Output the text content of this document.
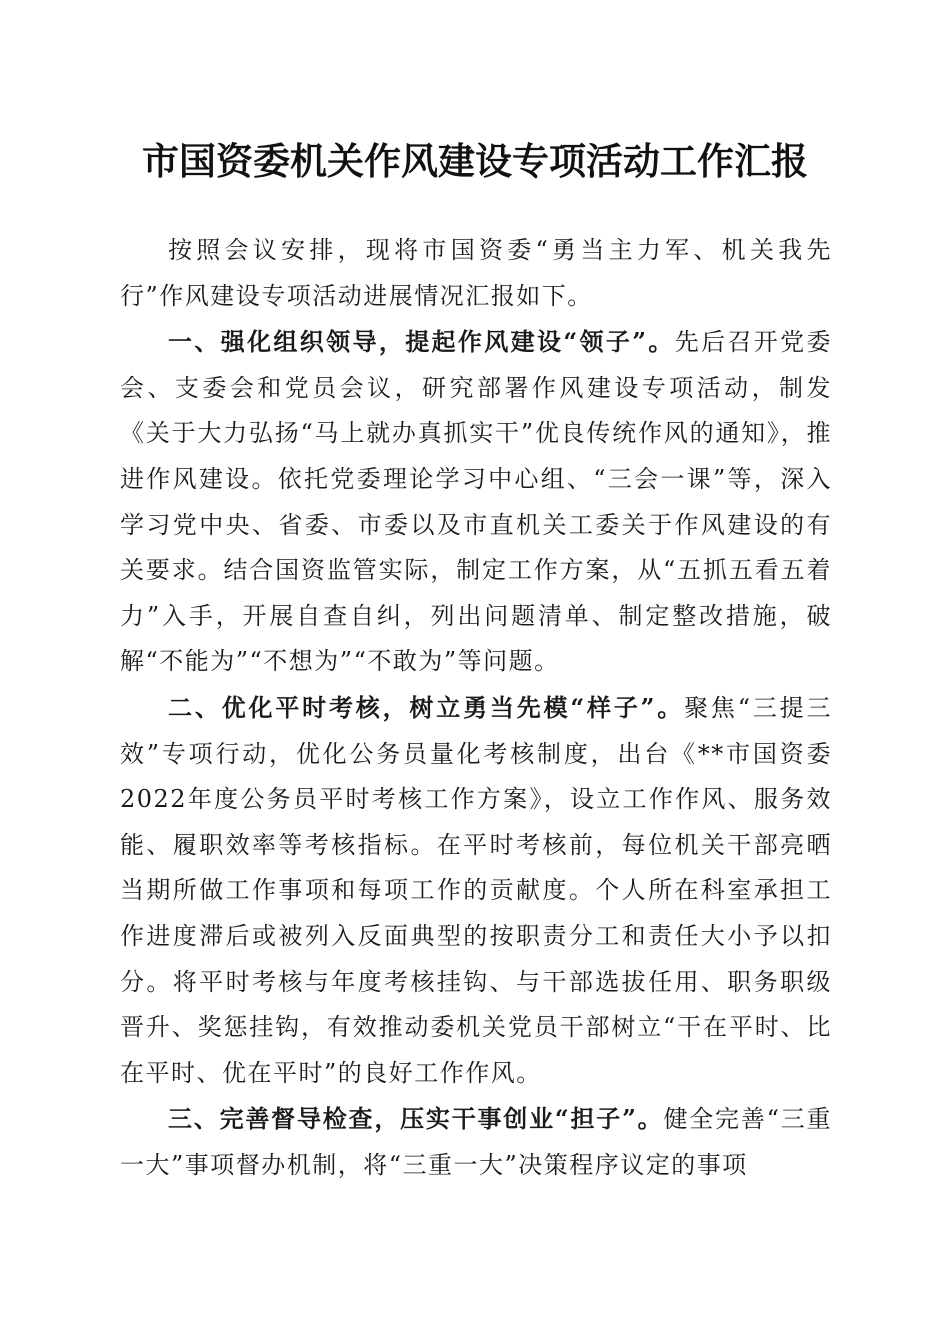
市国资委机关作风建设专项活动工作汇报

按照会议安排，现将市国资委“勇当主力军、机关我先行”作风建设专项活动进展情况汇报如下。

一、强化组织领导，提起作风建设“领子”。先后召开党委会、支委会和党员会议，研究部署作风建设专项活动，制发《关于大力弘扬“马上就办真抓实干”优良传统作风的通知》，推进作风建设。依托党委理论学习中心组、“三会一课”等，深入学习党中央、省委、市委以及市直机关工委关于作风建设的有关要求。结合国资监管实际，制定工作方案，从“五抓五看五着力”入手，开展自查自纠，列出问题清单、制定整改措施，破解“不能为”“不想为”“不敢为”等问题。

二、优化平时考核，树立勇当先模“样子”。聚焦“三提三效”专项行动，优化公务员量化考核制度，出台《**市国资委2022年度公务员平时考核工作方案》，设立工作作风、服务效能、履职效率等考核指标。在平时考核前，每位机关干部亮晒当期所做工作事项和每项工作的贡献度。个人所在科室承担工作进度滞后或被列入反面典型的按职责分工和责任大小予以扣分。将平时考核与年度考核挂钩、与干部选拔任用、职务职级晋升、奖惩挂钩，有效推动委机关党员干部树立“干在平时、比在平时、优在平时”的良好工作作风。

三、完善督导检查，压实干事创业“担子”。健全完善“三重一大”事项督办机制，将“三重一大”决策程序议定的事项
